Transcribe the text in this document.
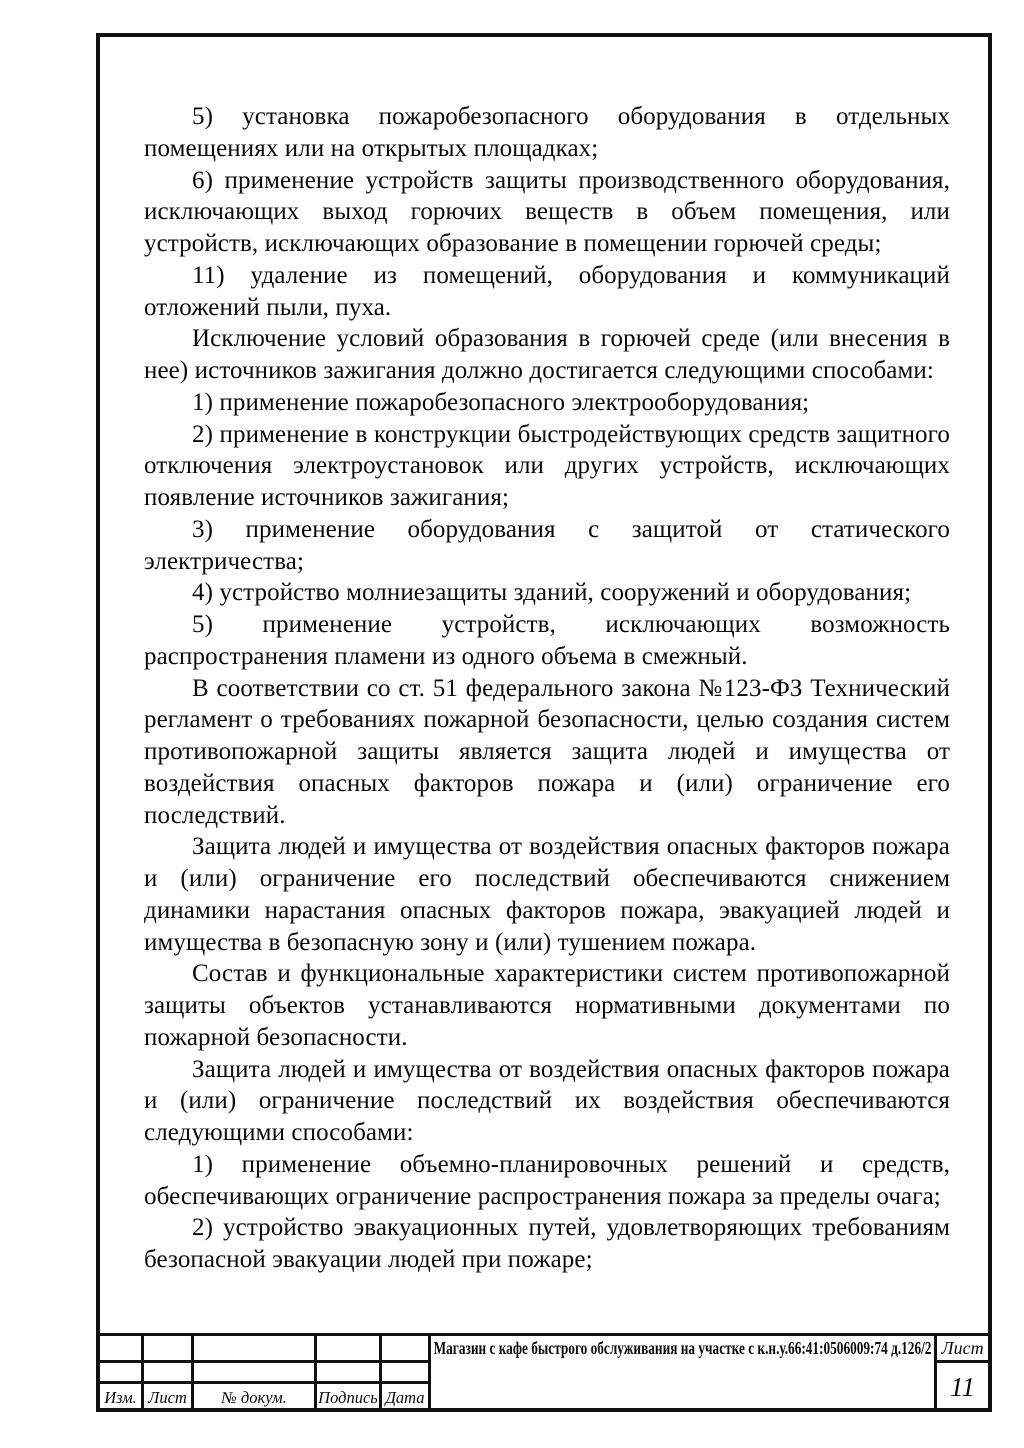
5) установка пожаробезопасного оборудования в отдельных помещениях или на открытых площадках;

6) применение устройств защиты производственного оборудования, исключающих выход горючих веществ в объем помещения, или устройств, исключающих образование в помещении горючей среды;

11) удаление из помещений, оборудования и коммуникаций отложений пыли, пуха.

Исключение условий образования в горючей среде (или внесения в нее) источников зажигания должно достигается следующими способами:

1) применение пожаробезопасного электрооборудования;

2) применение в конструкции быстродействующих средств защитного отключения электроустановок или других устройств, исключающих появление источников зажигания;

3) применение оборудования с защитой от статического электричества;

4) устройство молниезащиты зданий, сооружений и оборудования;

5) применение устройств, исключающих возможность распространения пламени из одного объема в смежный.

В соответствии со ст. 51 федерального закона №123-ФЗ Технический регламент о требованиях пожарной безопасности, целью создания систем противопожарной защиты является защита людей и имущества от воздействия опасных факторов пожара и (или) ограничение его последствий.

Защита людей и имущества от воздействия опасных факторов пожара и (или) ограничение его последствий обеспечиваются снижением динамики нарастания опасных факторов пожара, эвакуацией людей и имущества в безопасную зону и (или) тушением пожара.

Состав и функциональные характеристики систем противопожарной защиты объектов устанавливаются нормативными документами по пожарной безопасности.

Защита людей и имущества от воздействия опасных факторов пожара и (или) ограничение последствий их воздействия обеспечиваются следующими способами:

1) применение объемно-планировочных решений и средств, обеспечивающих ограничение распространения пожара за пределы очага;

2) устройство эвакуационных путей, удовлетворяющих требованиям безопасной эвакуации людей при пожаре;

Изм. Лист	№ докум.	Подпись Дата
Магазин с кафе быстрого обслуживания на участке с к.н.у.66:41:0506009:74 д.126/2 Лист
11
